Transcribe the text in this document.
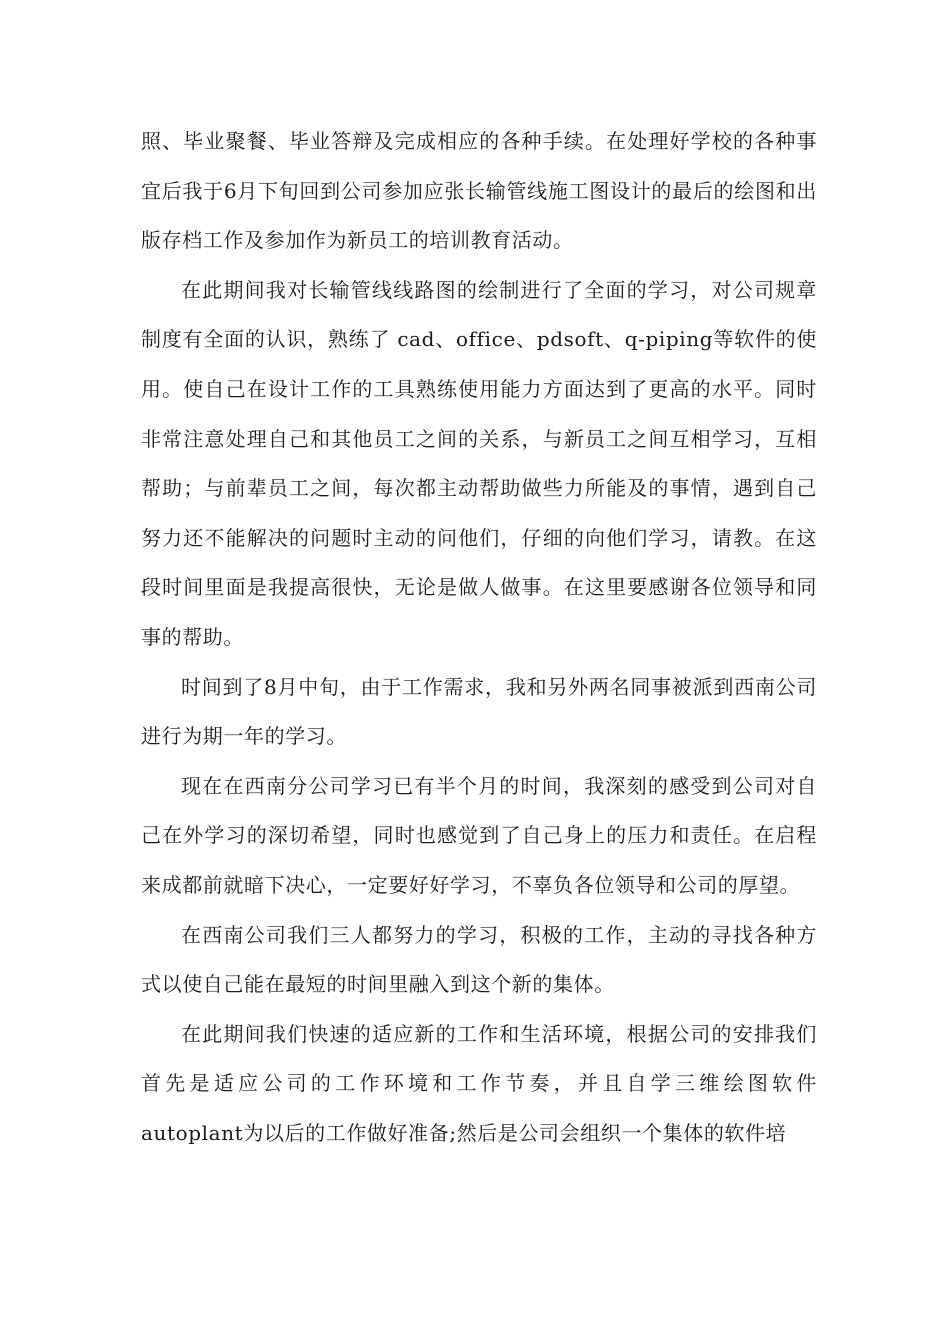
照、毕业聚餐、毕业答辩及完成相应的各种手续。在处理好学校的各种事宜后我于6月下旬回到公司参加应张长输管线施工图设计的最后的绘图和出版存档工作及参加作为新员工的培训教育活动。

在此期间我对长输管线线路图的绘制进行了全面的学习，对公司规章制度有全面的认识，熟练了 cad、office、pdsoft、q-piping等软件的使用。使自己在设计工作的工具熟练使用能力方面达到了更高的水平。同时非常注意处理自己和其他员工之间的关系，与新员工之间互相学习，互相帮助；与前辈员工之间，每次都主动帮助做些力所能及的事情，遇到自己努力还不能解决的问题时主动的问他们，仔细的向他们学习，请教。在这段时间里面是我提高很快，无论是做人做事。在这里要感谢各位领导和同事的帮助。

时间到了8月中旬，由于工作需求，我和另外两名同事被派到西南公司进行为期一年的学习。

现在在西南分公司学习已有半个月的时间，我深刻的感受到公司对自己在外学习的深切希望，同时也感觉到了自己身上的压力和责任。在启程来成都前就暗下决心，一定要好好学习，不辜负各位领导和公司的厚望。

在西南公司我们三人都努力的学习，积极的工作，主动的寻找各种方式以使自己能在最短的时间里融入到这个新的集体。

在此期间我们快速的适应新的工作和生活环境，根据公司的安排我们首先是适应公司的工作环境和工作节奏，并且自学三维绘图软件autoplant为以后的工作做好准备;然后是公司会组织一个集体的软件培
